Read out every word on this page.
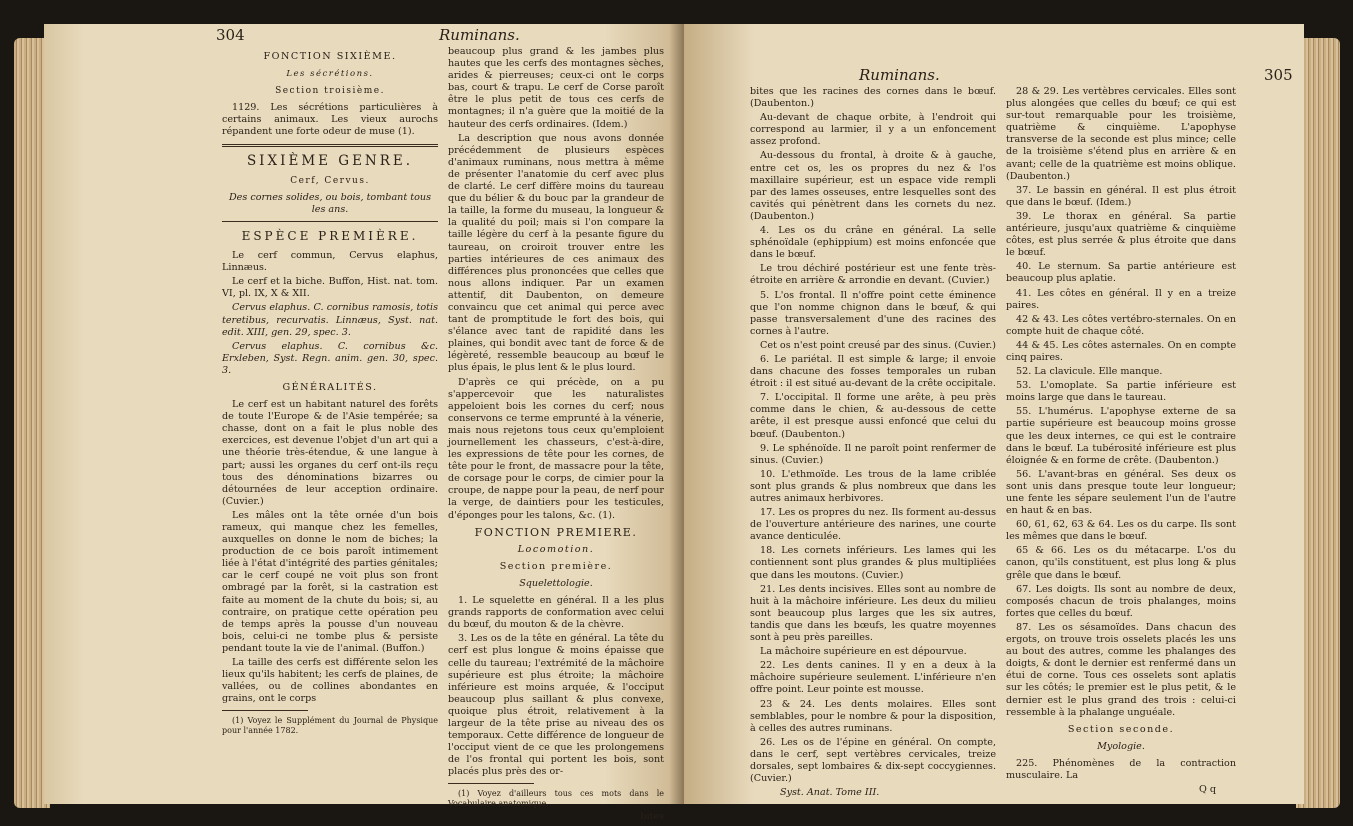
304	Ruminans.

FONCTION SIXIÈME.

Les sécrétions.

Section troisième.

1129. Les sécrétions particulières à certains animaux. Les vieux aurochs répandent une forte odeur de muse (1).

SIXIÈME GENRE.

Cerf, Cervus.

Des cornes solides, ou bois, tombant tous les ans.

ESPÈCE PREMIÈRE.

Le cerf commun, Cervus elaphus, Linnæus.

Le cerf et la biche. Buffon, Hist. nat. tom. VI, pl. IX, X & XII.

Cervus elaphus. C. cornibus ramosis, totis teretibus, recurvatis. Linnæus, Syst. nat. edit. XIII, gen. 29, spec. 3.

Cervus elaphus. C. cornibus &c. Erxleben, Syst. Regn. anim. gen. 30, spec. 3.

GÉNÉRALITÉS.

Le cerf est un habitant naturel des forêts de toute l'Europe & de l'Asie tempérée; sa chasse, dont on a fait le plus noble des exercices, est devenue l'objet d'un art qui a une théorie très-étendue, & une langue à part; aussi les organes du cerf ont-ils reçu tous des dénominations bizarres ou détournées de leur acception ordinaire. (Cuvier.)

Les mâles ont la tête ornée d'un bois rameux, qui manque chez les femelles, auxquelles on donne le nom de biches; la production de ce bois paroît intimement liée à l'état d'intégrité des parties génitales; car le cerf coupé ne voit plus son front ombragé par la forêt, si la castration est faite au moment de la chute du bois; si, au contraire, on pratique cette opération peu de temps après la pousse d'un nouveau bois, celui-ci ne tombe plus & persiste pendant toute la vie de l'animal. (Buffon.)

La taille des cerfs est différente selon les lieux qu'ils habitent; les cerfs de plaines, de vallées, ou de collines abondantes en grains, ont le corps

(1) Voyez le Supplément du Journal de Physique pour l'année 1782.

beaucoup plus grand & les jambes plus hautes que les cerfs des montagnes sèches, arides & pierreuses; ceux-ci ont le corps bas, court & trapu. Le cerf de Corse paroît être le plus petit de tous ces cerfs de montagnes; il n'a guère que la moitié de la hauteur des cerfs ordinaires. (Idem.)

La description que nous avons donnée précédemment de plusieurs espèces d'animaux ruminans, nous mettra à même de présenter l'anatomie du cerf avec plus de clarté. Le cerf diffère moins du taureau que du bélier & du bouc par la grandeur de la taille, la forme du museau, la longueur & la qualité du poil; mais si l'on compare la taille légère du cerf à la pesante figure du taureau, on croiroit trouver entre les parties intérieures de ces animaux des différences plus prononcées que celles que nous allons indiquer. Par un examen attentif, dit Daubenton, on demeure convaincu que cet animal qui perce avec tant de promptitude le fort des bois, qui s'élance avec tant de rapidité dans les plaines, qui bondit avec tant de force & de légèreté, ressemble beaucoup au bœuf le plus épais, le plus lent & le plus lourd.

D'après ce qui précède, on a pu s'appercevoir que les naturalistes appeloient bois les cornes du cerf; nous conservons ce terme emprunté à la vénerie, mais nous rejetons tous ceux qu'emploient journellement les chasseurs, c'est-à-dire, les expressions de tête pour les cornes, de tête pour le front, de massacre pour la tête, de corsage pour le corps, de cimier pour la croupe, de nappe pour la peau, de nerf pour la verge, de daintiers pour les testicules, d'éponges pour les talons, &c. (1).

FONCTION PREMIERE.

Locomotion.

Section première.

Squelettologie.

1. Le squelette en général. Il a les plus grands rapports de conformation avec celui du bœuf, du mouton & de la chèvre.

3. Les os de la tête en général. La tête du cerf est plus longue & moins épaisse que celle du taureau; l'extrémité de la mâchoire supérieure est plus étroite; la mâchoire inférieure est moins arquée, & l'occiput beaucoup plus saillant & plus convexe, quoique plus étroit, relativement à la largeur de la tête prise au niveau des os temporaux. Cette différence de longueur de l'occiput vient de ce que les prolongemens de l'os frontal qui portent les bois, sont placés plus près des or-

(1) Voyez d'ailleurs tous ces mots dans le Vocabulaire anatomique.

bites

Ruminans.	305

bites que les racines des cornes dans le bœuf. (Daubenton.)

Au-devant de chaque orbite, à l'endroit qui correspond au larmier, il y a un enfoncement assez profond.

Au-dessous du frontal, à droite & à gauche, entre cet os, les os propres du nez & l'os maxillaire supérieur, est un espace vide rempli par des lames osseuses, entre lesquelles sont des cavités qui pénètrent dans les cornets du nez. (Daubenton.)

4. Les os du crâne en général. La selle sphénoïdale (ephippium) est moins enfoncée que dans le bœuf.

Le trou déchiré postérieur est une fente très-étroite en arrière & arrondie en devant. (Cuvier.)

5. L'os frontal. Il n'offre point cette éminence que l'on nomme chignon dans le bœuf, & qui passe transversalement d'une des racines des cornes à l'autre.

Cet os n'est point creusé par des sinus. (Cuvier.)

6. Le pariétal. Il est simple & large; il envoie dans chacune des fosses temporales un ruban étroit : il est situé au-devant de la crête occipitale.

7. L'occipital. Il forme une arête, à peu près comme dans le chien, & au-dessous de cette arête, il est presque aussi enfoncé que celui du bœuf. (Daubenton.)

9. Le sphénoïde. Il ne paroît point renfermer de sinus. (Cuvier.)

10. L'ethmoïde. Les trous de la lame criblée sont plus grands & plus nombreux que dans les autres animaux herbivores.

17. Les os propres du nez. Ils forment au-dessus de l'ouverture antérieure des narines, une courte avance denticulée.

18. Les cornets inférieurs. Les lames qui les contiennent sont plus grandes & plus multipliées que dans les moutons. (Cuvier.)

21. Les dents incisives. Elles sont au nombre de huit à la mâchoire inférieure. Les deux du milieu sont beaucoup plus larges que les six autres, tandis que dans les bœufs, les quatre moyennes sont à peu près pareilles.

La mâchoire supérieure en est dépourvue.

22. Les dents canines. Il y en a deux à la mâchoire supérieure seulement. L'inférieure n'en offre point. Leur pointe est mousse.

23 & 24. Les dents molaires. Elles sont semblables, pour le nombre & pour la disposition, à celles des autres ruminans.

26. Les os de l'épine en général. On compte, dans le cerf, sept vertèbres cervicales, treize dorsales, sept lombaires & dix-sept coccygiennes. (Cuvier.)

Syst. Anat. Tome III.

28 & 29. Les vertèbres cervicales. Elles sont plus alongées que celles du bœuf; ce qui est sur-tout remarquable pour les troisième, quatrième & cinquième. L'apophyse transverse de la seconde est plus mince; celle de la troisième s'étend plus en arrière & en avant; celle de la quatrième est moins oblique. (Daubenton.)

37. Le bassin en général. Il est plus étroit que dans le bœuf. (Idem.)

39. Le thorax en général. Sa partie antérieure, jusqu'aux quatrième & cinquième côtes, est plus serrée & plus étroite que dans le bœuf.

40. Le sternum. Sa partie antérieure est beaucoup plus aplatie.

41. Les côtes en général. Il y en a treize paires.

42 & 43. Les côtes vertébro-sternales. On en compte huit de chaque côté.

44 & 45. Les côtes asternales. On en compte cinq paires.

52. La clavicule. Elle manque.

53. L'omoplate. Sa partie inférieure est moins large que dans le taureau.

55. L'humérus. L'apophyse externe de sa partie supérieure est beaucoup moins grosse que les deux internes, ce qui est le contraire dans le bœuf. La tubérosité inférieure est plus éloignée & en forme de crête. (Daubenton.)

56. L'avant-bras en général. Ses deux os sont unis dans presque toute leur longueur; une fente les sépare seulement l'un de l'autre en haut & en bas.

60, 61, 62, 63 & 64. Les os du carpe. Ils sont les mêmes que dans le bœuf.

65 & 66. Les os du métacarpe. L'os du canon, qu'ils constituent, est plus long & plus grêle que dans le bœuf.

67. Les doigts. Ils sont au nombre de deux, composés chacun de trois phalanges, moins fortes que celles du bœuf.

87. Les os sésamoïdes. Dans chacun des ergots, on trouve trois osselets placés les uns au bout des autres, comme les phalanges des doigts, & dont le dernier est renfermé dans un étui de corne. Tous ces osselets sont aplatis sur les côtés; le premier est le plus petit, & le dernier est le plus grand des trois : celui-ci ressemble à la phalange unguéale.

Section seconde.

Myologie.

225. Phénomènes de la contraction musculaire. La

Q q
